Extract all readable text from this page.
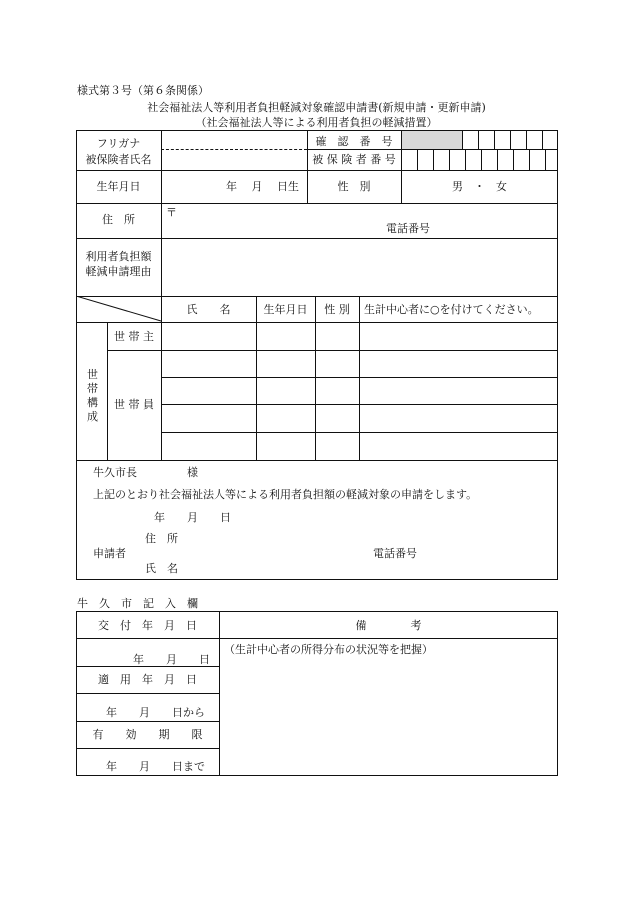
様式第３号（第６条関係）
社会福祉法人等利用者負担軽減対象確認申請書(新規申請・更新申請)
（社会福祉法人等による利用者負担の軽減措置）
フリガナ
被保険者氏名
確　認　番　号
被 保 険 者 番 号
生年月日	年　 月　 日生	性　別	男　・　女
住　所
〒
電話番号
利用者負担額
軽減申請理由
氏　　名	生年月日	性 別	生計中心者に○を付けてください。
世帯構成
世 帯 主
世 帯 員
牛久市長	様
上記のとおり社会福祉法人等による利用者負担額の軽減対象の申請をします。
年　　月　　日
住　所
申請者	電話番号
氏　名
牛　久　市　記　入　欄
交　付　年　月　日	備　　　　考
年　　月　　日
（生計中心者の所得分布の状況等を把握）
適　用　年　月　日
年　　月　　日から
有　　効　　期　　限
年　　月　　日まで
